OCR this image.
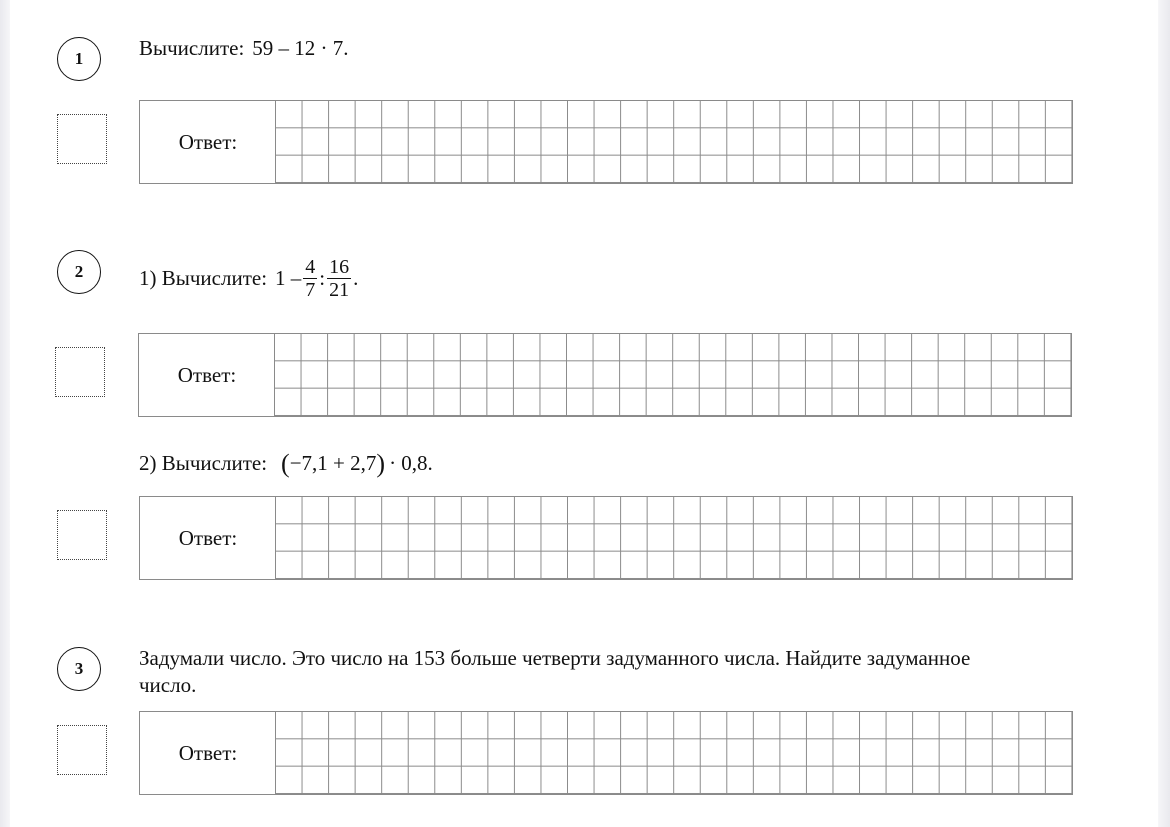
1	Вычислите: 59 – 12 · 7.
Ответ:
2	1) Вычислите: $1 - \frac{4}{7}$ : $\frac{16}{21}$ .
Ответ:
2) Вычислите: ( −7,1 + 2,7 ) · 0,8.
Ответ:
3	Задумали число. Это число на 153 больше четверти задуманного числа. Найдите задуманное
число.
Ответ:
